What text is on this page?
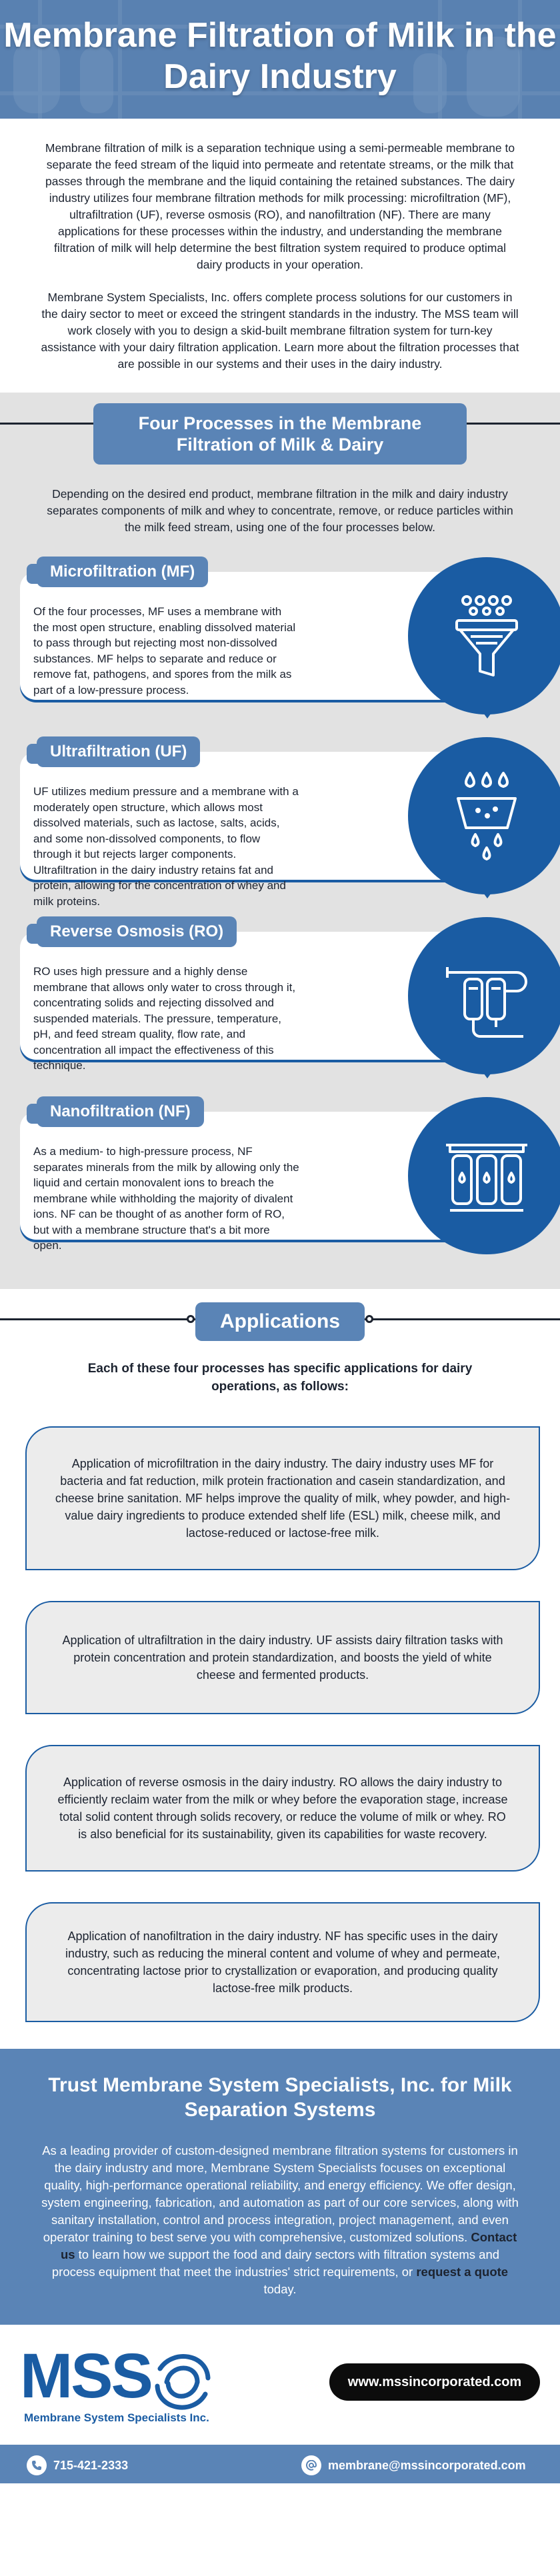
Membrane Filtration of Milk in the Dairy Industry

Membrane filtration of milk is a separation technique using a semi-permeable membrane to separate the feed stream of the liquid into permeate and retentate streams, or the milk that passes through the membrane and the liquid containing the retained substances. The dairy industry utilizes four membrane filtration methods for milk processing: microfiltration (MF), ultrafiltration (UF), reverse osmosis (RO), and nanofiltration (NF). There are many applications for these processes within the industry, and understanding the membrane filtration of milk will help determine the best filtration system required to produce optimal dairy products in your operation.

Membrane System Specialists, Inc. offers complete process solutions for our customers in the dairy sector to meet or exceed the stringent standards in the industry. The MSS team will work closely with you to design a skid-built membrane filtration system for turn-key assistance with your dairy filtration application. Learn more about the filtration processes that are possible in our systems and their uses in the dairy industry.

Four Processes in the Membrane Filtration of Milk & Dairy

Depending on the desired end product, membrane filtration in the milk and dairy industry separates components of milk and whey to concentrate, remove, or reduce particles within the milk feed stream, using one of the four processes below.

Of the four processes, MF uses a membrane with the most open structure, enabling dissolved material to pass through but rejecting most non-dissolved substances. MF helps to separate and reduce or remove fat, pathogens, and spores from the milk as part of a low-pressure process.

Microfiltration (MF)

UF utilizes medium pressure and a membrane with a moderately open structure, which allows most dissolved materials, such as lactose, salts, acids, and some non-dissolved components, to flow through it but rejects larger components. Ultrafiltration in the dairy industry retains fat and protein, allowing for the concentration of whey and milk proteins.

Ultrafiltration (UF)

RO uses high pressure and a highly dense membrane that allows only water to cross through it, concentrating solids and rejecting dissolved and suspended materials. The pressure, temperature, pH, and feed stream quality, flow rate, and concentration all impact the effectiveness of this technique.

Reverse Osmosis (RO)

As a medium- to high-pressure process, NF separates minerals from the milk by allowing only the liquid and certain monovalent ions to breach the membrane while withholding the majority of divalent ions. NF can be thought of as another form of RO, but with a membrane structure that's a bit more open.

Nanofiltration (NF)
Applications

Each of these four processes has specific applications for dairy operations, as follows:

Application of microfiltration in the dairy industry. The dairy industry uses MF for bacteria and fat reduction, milk protein fractionation and casein standardization, and cheese brine sanitation. MF helps improve the quality of milk, whey powder, and high-value dairy ingredients to produce extended shelf life (ESL) milk, cheese milk, and lactose-reduced or lactose-free milk.

Application of ultrafiltration in the dairy industry. UF assists dairy filtration tasks with protein concentration and protein standardization, and boosts the yield of white cheese and fermented products.

Application of reverse osmosis in the dairy industry. RO allows the dairy industry to efficiently reclaim water from the milk or whey before the evaporation stage, increase total solid content through solids recovery, or reduce the volume of milk or whey. RO is also beneficial for its sustainability, given its capabilities for waste recovery.

Application of nanofiltration in the dairy industry. NF has specific uses in the dairy industry, such as reducing the mineral content and volume of whey and permeate, concentrating lactose prior to crystallization or evaporation, and producing quality lactose-free milk products.

Trust Membrane System Specialists, Inc. for Milk Separation Systems

As a leading provider of custom-designed membrane filtration systems for customers in the dairy industry and more, Membrane System Specialists focuses on exceptional quality, high-performance operational reliability, and energy efficiency. We offer design, system engineering, fabrication, and automation as part of our core services, along with sanitary installation, control and process integration, project management, and even operator training to best serve you with comprehensive, customized solutions. Contact us to learn how we support the food and dairy sectors with filtration systems and process equipment that meet the industries' strict requirements, or request a quote today.

MSS
Membrane System Specialists Inc.
www.mssincorporated.com
715-421-2333	membrane@mssincorporated.com
